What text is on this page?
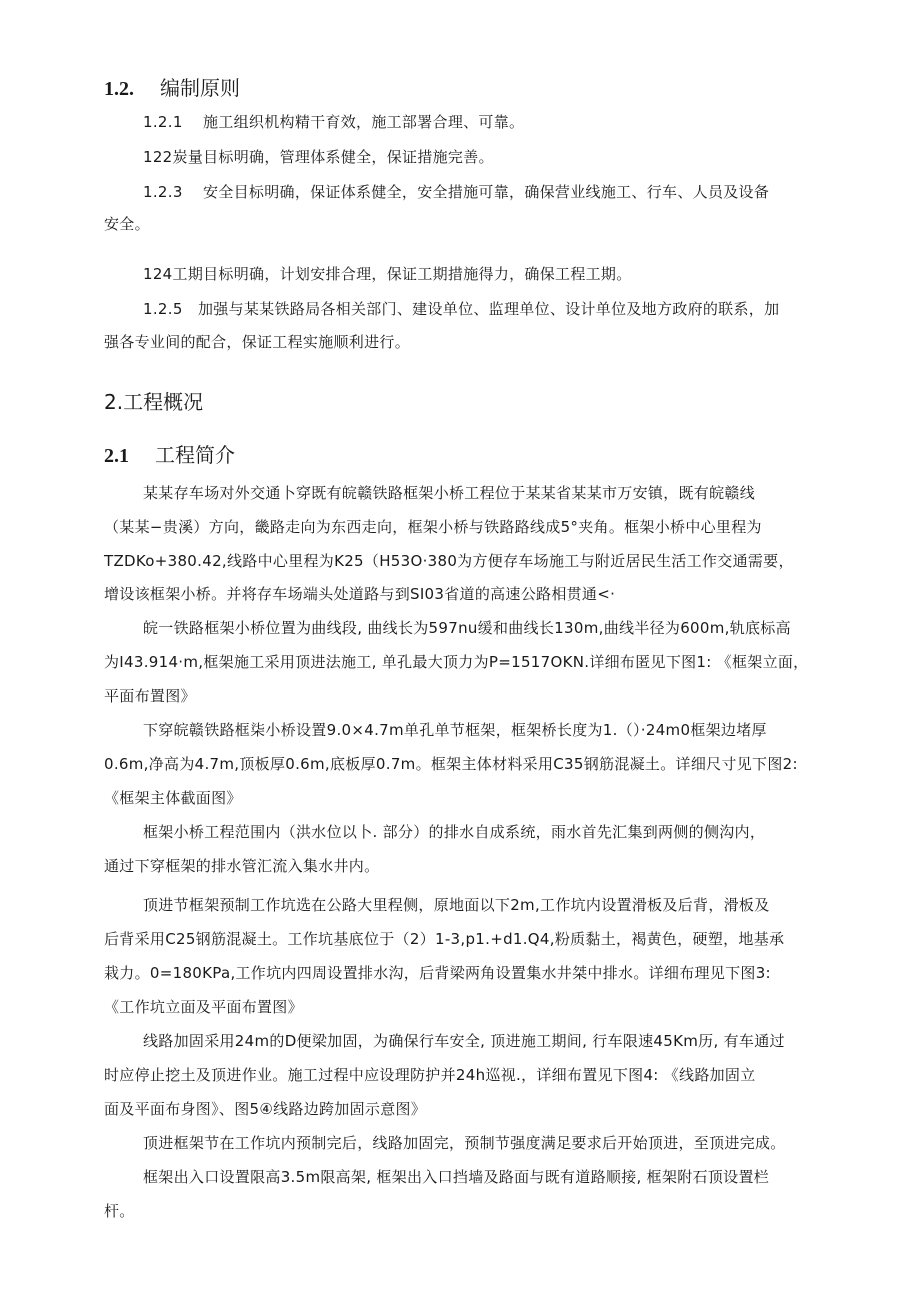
1.2. 编制原则
1.2.1　 施工组织机构精干育效，施工部署合理、可靠。
122炭量目标明确，管理体系健全，保证措施完善。
1.2.3　 安全目标明确，保证体系健全，安全措施可靠，确保营业线施工、行车、人员及设备
安全。
124工期目标明确，计划安排合理，保证工期措施得力，确保工程工期。
1.2.5　加强与某某铁路局各相关部门、建设单位、监理单位、设计单位及地方政府的联系，加
强各专业间的配合，保证工程实施顺利进行。
2.工程概况
2.1 工程简介
某某存车场对外交通卜穿既有皖赣铁路框架小桥工程位于某某省某某市万安镇，既有皖赣线
（某某−贵溪）方向，畿路走向为东西走向，框架小桥与铁路路线成5°夹角。框架小桥中心里程为
TZDKo+380.42,线路中心里程为K25（H53O·380为方便存车场施工与附近居民生活工作交通需要，
增设该框架小桥。并将存车场端头处道路与到SI03省道的高速公路相贯通<·
皖一铁路框架小桥位置为曲线段, 曲线长为597nu缓和曲线长130m,曲线半径为600m,轨底标高
为I43.914·m,框架施工采用顶进法施工, 单孔最大顶力为P=1517OKN.详细布匿见下图1: 《框架立面，
平面布置图》
下穿皖赣铁路框柒小桥设置9.0×4.7m单孔单节框架，框架桥长度为1.（）·24m0框架边堵厚
0.6m,净高为4.7m,顶板厚0.6m,底板厚0.7m。框架主体材料采用C35钢筋混凝土。详细尺寸见下图2:
《框架主体截面图》
框架小桥工程范围内（洪水位以卜. 部分）的排水自成系统，雨水首先汇集到两侧的侧沟内，
通过下穿框架的排水管汇流入集水井内。
顶进节框架预制工作坑选在公路大里程侧，原地面以下2m,工作坑内设置滑板及后背，滑板及
后背采用C25钢筋混凝土。工作坑基底位于（2）1-3,p1.+d1.Q4,粉质黏土，褐黄色，硬塑，地基承
栽力。0=180KPa,工作坑内四周设置排水沟，后背梁两角设置集水井桀中排水。详细布理见下图3:
《工作坑立面及平面布置图》
线路加固采用24m的D便梁加固，为确保行车安全, 顶进施工期间, 行车限速45Km历, 有车通过
时应停止挖土及顶进作业。施工过程中应设理防护并24h巡视.，详细布置见下图4: 《线路加固立
面及平面布身图》、图5④线路边跨加固示意图》
顶进框架节在工作坑内预制完后，线路加固完，预制节强度满足要求后开始顶进，至顶进完成。
框架出入口设置限高3.5m限高架, 框架出入口挡墙及路面与既有道路顺接, 框架附石顶设置栏
杆。
